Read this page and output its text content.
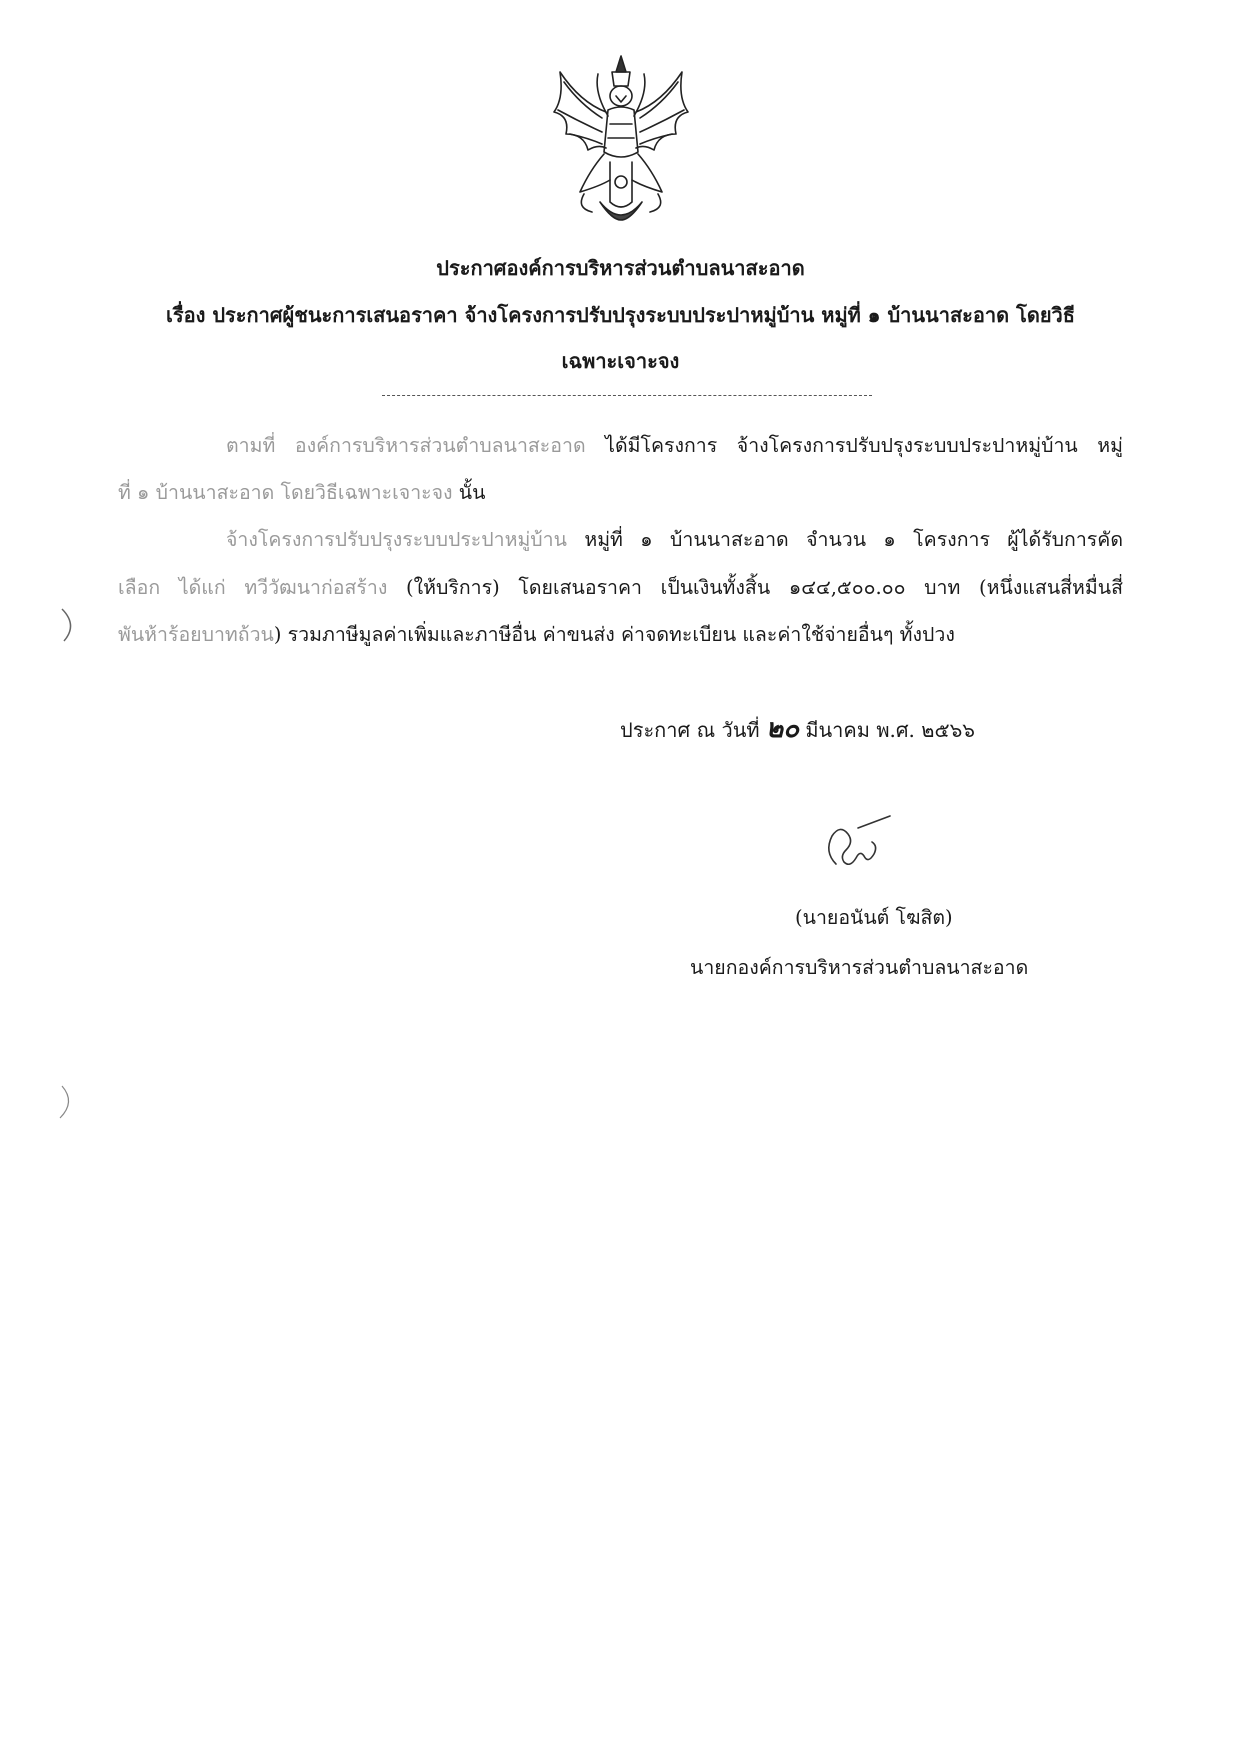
ประกาศองค์การบริหารส่วนตำบลนาสะอาด
เรื่อง ประกาศผู้ชนะการเสนอราคา จ้างโครงการปรับปรุงระบบประปาหมู่บ้าน หมู่ที่ ๑ บ้านนาสะอาด โดยวิธี
เฉพาะเจาะจง
ตามที่ องค์การบริหารส่วนตำบลนาสะอาด ได้มีโครงการ จ้างโครงการปรับปรุงระบบประปาหมู่บ้าน หมู่
ที่ ๑ บ้านนาสะอาด โดยวิธีเฉพาะเจาะจง นั้น
จ้างโครงการปรับปรุงระบบประปาหมู่บ้าน หมู่ที่ ๑ บ้านนาสะอาด จำนวน ๑ โครงการ ผู้ได้รับการคัด
เลือก ได้แก่ ทวีวัฒนาก่อสร้าง (ให้บริการ) โดยเสนอราคา เป็นเงินทั้งสิ้น ๑๔๔,๕๐๐.๐๐ บาท (หนึ่งแสนสี่หมื่นสี่
พันห้าร้อยบาทถ้วน) รวมภาษีมูลค่าเพิ่มและภาษีอื่น ค่าขนส่ง ค่าจดทะเบียน และค่าใช้จ่ายอื่นๆ ทั้งปวง
ประกาศ ณ วันที่ ๒๐ มีนาคม พ.ศ. ๒๕๖๖
(นายอนันต์ โฆสิต)
นายกองค์การบริหารส่วนตำบลนาสะอาด
